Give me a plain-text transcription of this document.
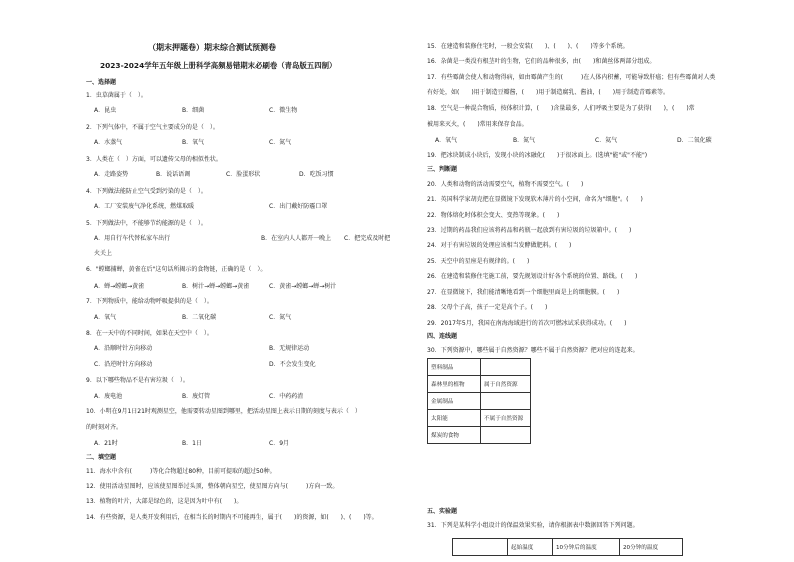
（期末押题卷）期末综合测试预测卷
2023-2024学年五年级上册科学高频易错期末必刷卷（青岛版五四制）
一、选择题
1．虫草菌属于（　）。
A．昆虫	B．细菌	C．微生物
2．下列气体中，不属于空气主要成分的是（　）。
A．水蒸气	B．氧气	C．氮气
3．人类在（　）方面，可以遗传父母的相似性状。
A．走路姿势	B．说话语调	C．脸蛋形状	D．吃饭习惯
4．下列做法能防止空气受到污染的是（　）。
A．工厂安装废气净化系统，燃煤取暖	C．出门戴好防霾口罩
5．下列做法中，不能够节约能源的是（　）。
A．用自行车代替私家车出行	B．在室内人人都开一晚上 C．把完成及时把
火关上
6．"螳螂捕蝉，黄雀在后"这句话所揭示的食物链，正确的是（　）。
A．蝉→螳螂→黄雀	B．树汁→蝉→螳螂→黄雀	C．黄雀→螳螂→蝉→树汁
7．下列物质中，能给动物呼吸提供的是（　）。
A．氧气	B．二氧化碳	C．氮气
8．在一天中的不同时间，如果在天空中（　）。
A．沿顺时针方向移动	B．无规律运动
C．沿逆时针方向移动	D．不会发生变化
9．以下哪些物品不是有害垃圾（　）。
A．废电池	B．废灯管	C．中药药渣
10．小明在9月1日21时观测星空，他需要转动星图到哪里，把活动星图上表示日期的刻度与表示（　）
的时刻对齐。
A．21时	B．1日	C．9月
二、填空题
11．海水中含有(　　　)等化合物超过80种，目前可提取的超过50种。
12．使用活动星图时，应该使星图举过头顶，整体朝向星空，使星图方向与(　　　)方向一致。
13．植物的叶片，大部是绿色的，这是因为叶中有(　　)。
14．有些资源，是人类开发利用后，在相当长的时期内不可能再生，属于(　　)的资源，如(　　)、(　　)等。
15．在建造和装修住宅时，一般会安装(　　)、(　　)、(　　)等多个系统。
16．杂菌是一类没有根茎叶的生物，它们的品种很多，由(　　)和菌丝体两部分组成。
17．有些霉菌会使人和动物得病，如由霉菌产生的(　　　)在人体内积蓄，可能导致肝癌；但有些霉菌对人类
有好处，如(　　)用于制造豆瓣酱，(　　)用于制造腐乳、酱油，(　　)用于制造青霉素等。
18．空气是一种混合物质，按体积计算，(　　)含量最多，人们呼吸主要是为了获得(　　)，(　　)常
被用来灭火，(　　)常用来保存食品。
A．氧气	B．氮气	C．氦气	D．二氧化碳
19．把冰块制成小块后，发现小块的冰融化(　　)于很冰面上。(选填"能"或"不能")
三、判断题
20．人类和动物的活动需要空气，植物不需要空气。(　　)
21．英国科学家胡克把在显微镜下发现软木薄片的小空间，命名为"细胞"。(　　)
22．物体熔化时体积会变大、变热等现象。(　　)
23．过期的药品我们应该将药品和药瓶一起放到有害垃圾的垃圾箱中。(　　)
24．对于有害垃圾的处理应该相当发酵做肥料。(　　)
25．天空中的星座是有规律的。(　　)
26．在建造和装修住宅施工前，要先规划设计好各个系统的位置、路线。(　　)
27．在显微镜下，我们能清晰地看到一个细胞里面是上的细胞膜。(　　)
28．父母个子高，孩子一定是高个子。(　　)
29．2017年5月，我国在南海海域进行的首次可燃冰试采获得成功。(　　)
四、连线题
30．下列资源中，哪些属于自然资源？哪些不属于自然资源？把对应的连起来。
塑料制品	
森林里的植物	属于自然资源
金属制品	
太阳能	不属于自然资源
煤炭的食物	
五、实验题
31．下列是某科学小组设计的保温效果实验，请你根据表中数据回答下列问题。
	起始温度	10分钟后的温度	20分钟的温度
